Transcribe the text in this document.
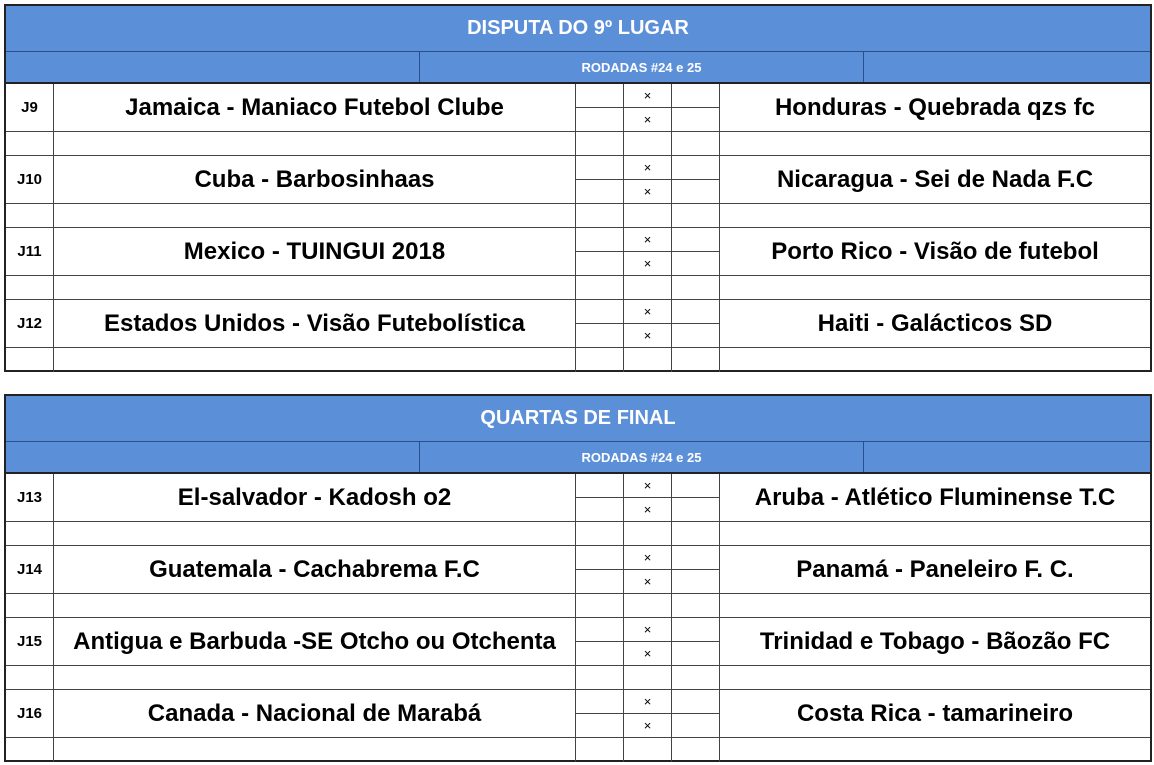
DISPUTA DO 9º LUGAR
RODADAS #24 e 25
J9	Jamaica - Maniaco Futebol Clube	×
×	Honduras - Quebrada qzs fc
J10	Cuba - Barbosinhaas	×
×	Nicaragua - Sei de Nada F.C
J11	Mexico - TUINGUI 2018	×
×	Porto Rico - Visão de futebol
J12	Estados Unidos - Visão Futebolística	×
×	Haiti - Galácticos SD
QUARTAS DE FINAL
RODADAS #24 e 25
J13	El-salvador - Kadosh o2	×
×	Aruba - Atlético Fluminense T.C
J14	Guatemala - Cachabrema F.C	×
×	Panamá - Paneleiro F. C.
J15	Antigua e Barbuda -SE Otcho ou Otchenta	×
×	Trinidad e Tobago - Bãozão FC
J16	Canada - Nacional de Marabá	×
×	Costa Rica - tamarineiro
